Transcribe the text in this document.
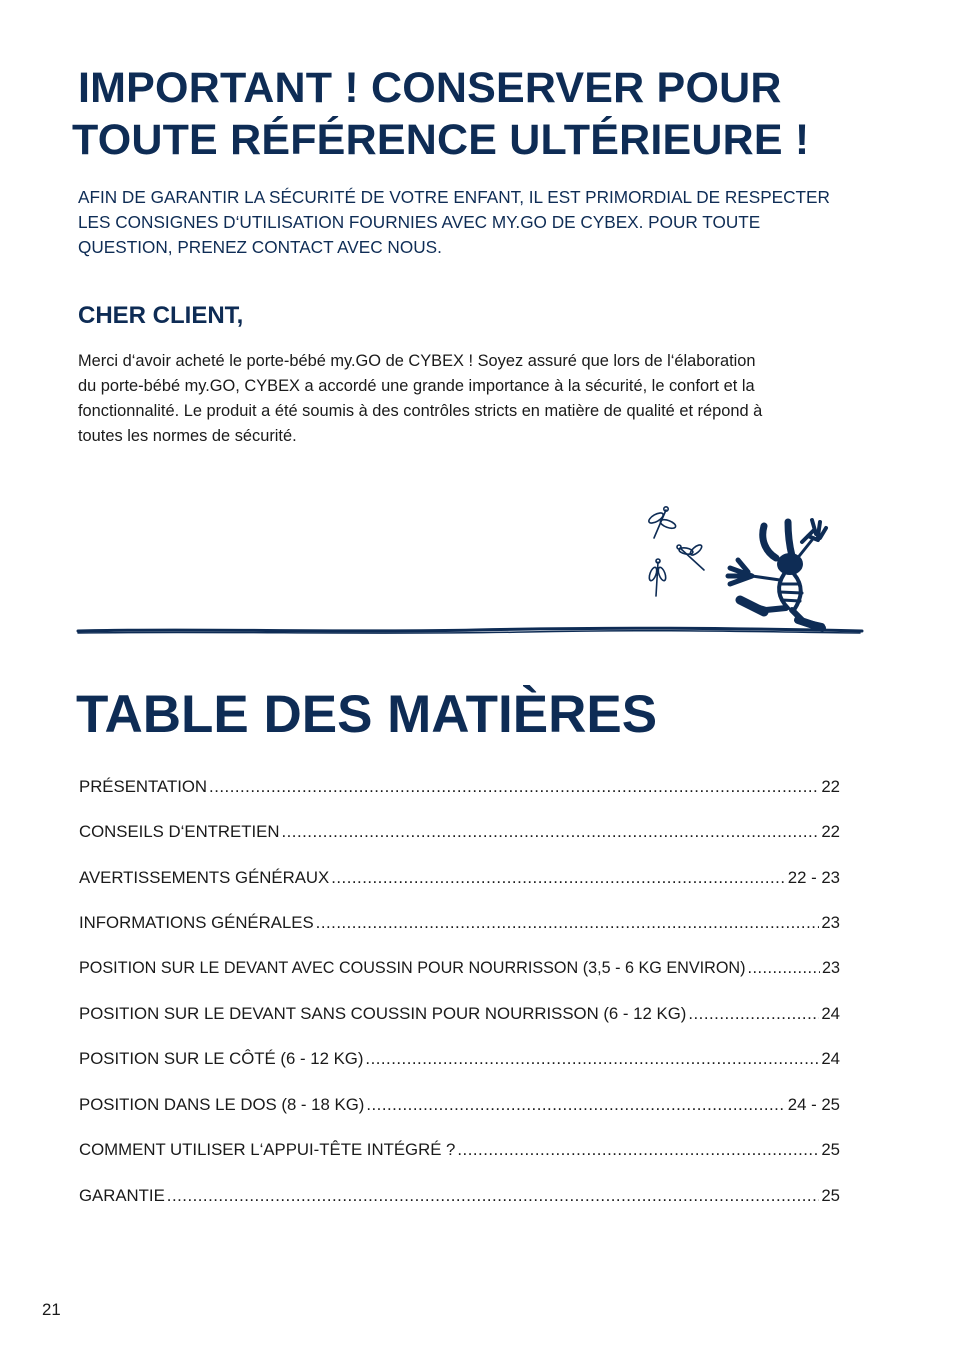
IMPORTANT ! CONSERVER POUR
TOUTE RÉFÉRENCE ULTÉRIEURE !
AFIN DE GARANTIR LA SÉCURITÉ DE VOTRE ENFANT, IL EST PRIMORDIAL DE RESPECTER
LES CONSIGNES D‘UTILISATION FOURNIES AVEC MY.GO DE CYBEX. POUR TOUTE
QUESTION, PRENEZ CONTACT AVEC NOUS.
CHER CLIENT,
Merci d‘avoir acheté le porte-bébé my.GO de CYBEX ! Soyez assuré que lors de l‘élaboration
du porte-bébé my.GO, CYBEX a accordé une grande importance à la sécurité, le confort et la
fonctionnalité. Le produit a été soumis à des contrôles stricts en matière de qualité et répond à
toutes les normes de sécurité.
TABLE DES MATIÈRES
PRÉSENTATION .....	22
CONSEILS D‘ENTRETIEN .....	22
AVERTISSEMENTS GÉNÉRAUX .....	22 - 23
INFORMATIONS GÉNÉRALES .....	23
POSITION SUR LE DEVANT AVEC COUSSIN POUR NOURRISSON (3,5 - 6 KG ENVIRON) .....	23
POSITION SUR LE DEVANT SANS COUSSIN POUR NOURRISSON (6 - 12 KG) .....	24
POSITION SUR LE CÔTÉ (6 - 12 KG) .....	24
POSITION DANS LE DOS (8 - 18 KG) .....	24 - 25
COMMENT UTILISER L‘APPUI-TÊTE INTÉGRÉ ? .....	25
GARANTIE .....	25
21
